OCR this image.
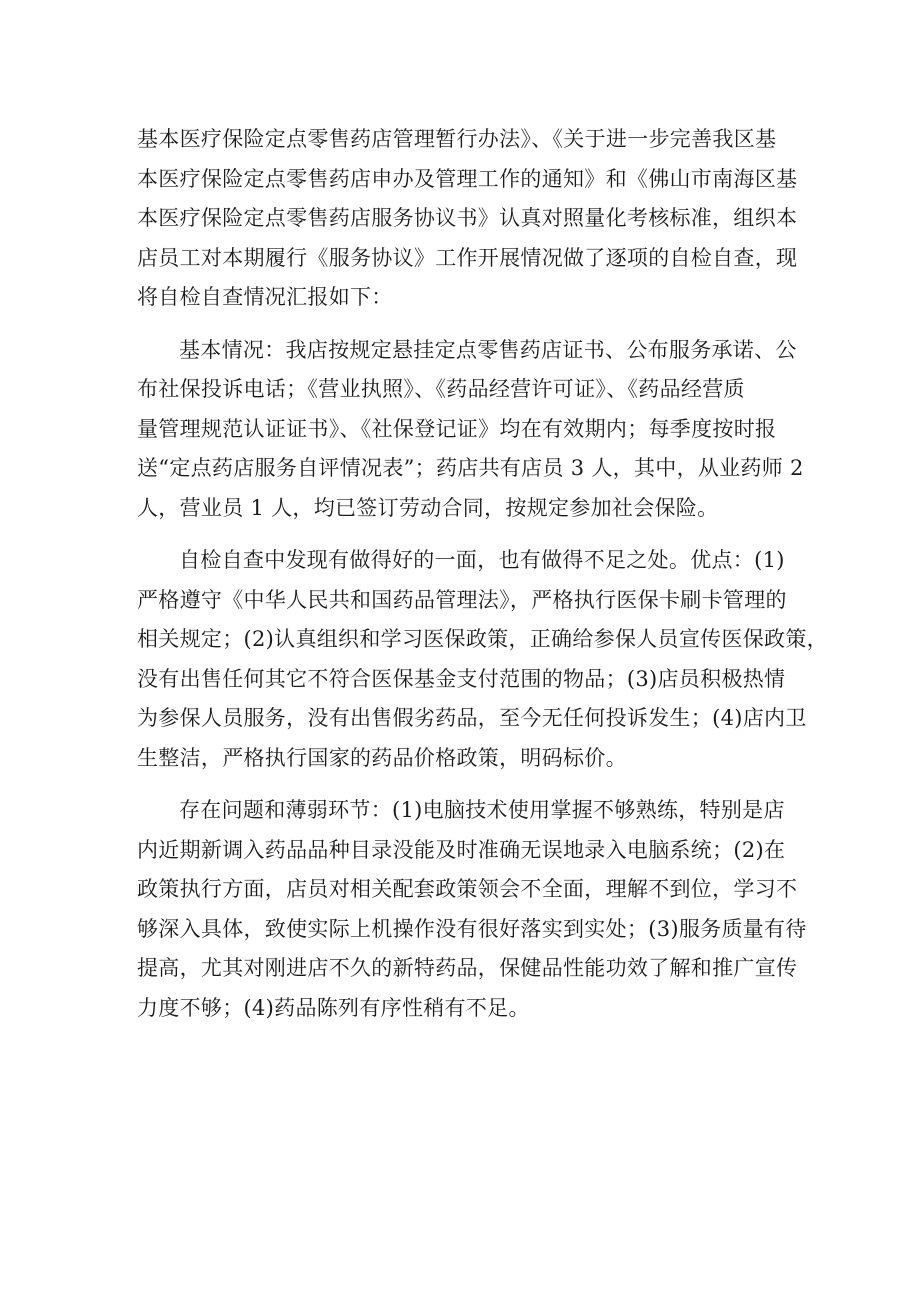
基本医疗保险定点零售药店管理暂行办法》、《关于进一步完善我区基
本医疗保险定点零售药店申办及管理工作的通知》和《佛山市南海区基
本医疗保险定点零售药店服务协议书》认真对照量化考核标准，组织本
店员工对本期履行《服务协议》工作开展情况做了逐项的自检自查，现
将自检自查情况汇报如下：
基本情况：我店按规定悬挂定点零售药店证书、公布服务承诺、公
布社保投诉电话；《营业执照》、《药品经营许可证》、《药品经营质
量管理规范认证证书》、《社保登记证》均在有效期内；每季度按时报
送“定点药店服务自评情况表”；药店共有店员 3 人，其中，从业药师 2
人，营业员 1 人，均已签订劳动合同，按规定参加社会保险。
自检自查中发现有做得好的一面，也有做得不足之处。优点：(1)
严格遵守《中华人民共和国药品管理法》，严格执行医保卡刷卡管理的
相关规定；(2)认真组织和学习医保政策，正确给参保人员宣传医保政策，
没有出售任何其它不符合医保基金支付范围的物品；(3)店员积极热情
为参保人员服务，没有出售假劣药品，至今无任何投诉发生；(4)店内卫
生整洁，严格执行国家的药品价格政策，明码标价。
存在问题和薄弱环节：(1)电脑技术使用掌握不够熟练，特别是店
内近期新调入药品品种目录没能及时准确无误地录入电脑系统；(2)在
政策执行方面，店员对相关配套政策领会不全面，理解不到位，学习不
够深入具体，致使实际上机操作没有很好落实到实处；(3)服务质量有待
提高，尤其对刚进店不久的新特药品，保健品性能功效了解和推广宣传
力度不够；(4)药品陈列有序性稍有不足。
